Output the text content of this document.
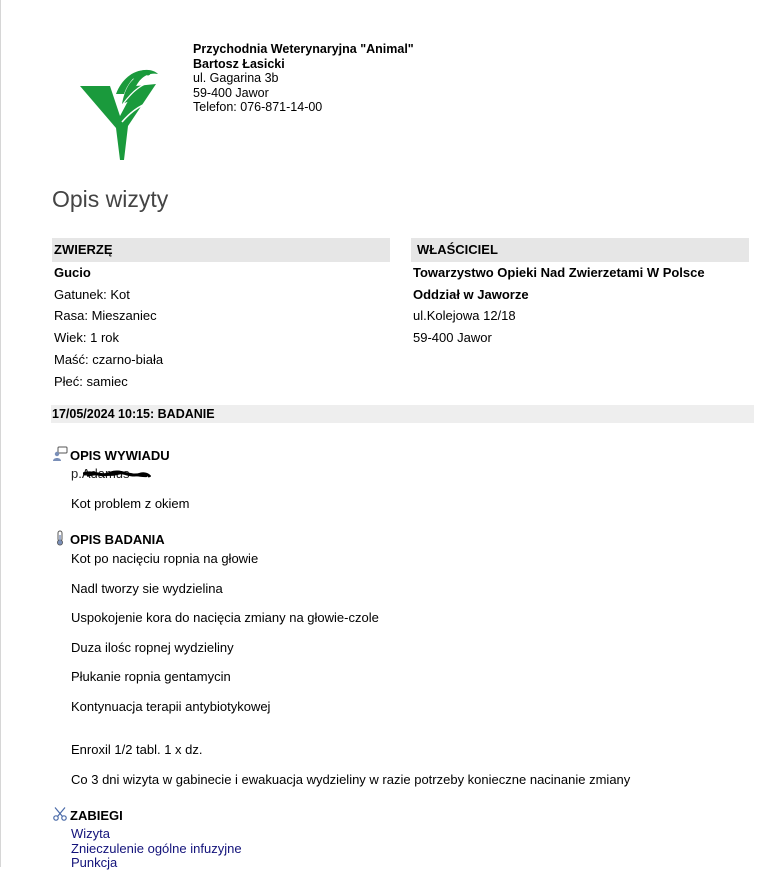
Przychodnia Weterynaryjna "Animal"
Bartosz Łasicki
ul. Gagarina 3b
59-400 Jawor
Telefon: 076-871-14-00
Opis wizyty
ZWIERZĘ
Gucio
Gatunek: Kot
Rasa: Mieszaniec
Wiek: 1 rok
Maść: czarno-biała
Płeć: samiec
WŁAŚCICIEL
Towarzystwo Opieki Nad Zwierzetami W Polsce
Oddział w Jaworze
ul.Kolejowa 12/18
59-400 Jawor
17/05/2024 10:15: BADANIE
OPIS WYWIADU
p.Adamus
Kot problem z okiem
OPIS BADANIA
Kot po nacięciu ropnia na głowie
Nadl tworzy sie wydzielina
Uspokojenie kora do nacięcia zmiany na głowie-czole
Duza ilośc ropnej wydzieliny
Płukanie ropnia gentamycin
Kontynuacja terapii antybiotykowej
Enroxil 1/2 tabl. 1 x dz.
Co 3 dni wizyta w gabinecie i ewakuacja wydzieliny w razie potrzeby konieczne nacinanie zmiany
ZABIEGI
Wizyta
Znieczulenie ogólne infuzyjne
Punkcja
